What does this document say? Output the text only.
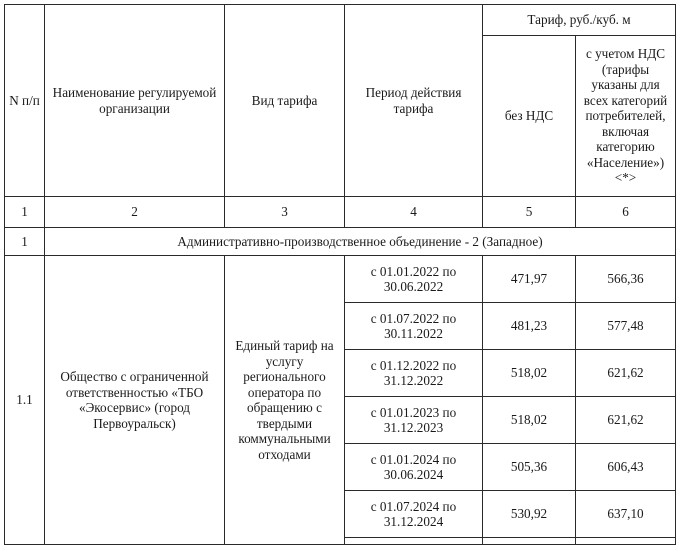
N п/п	Наименование регулируемой организации	Вид тарифа	Период действия тарифа	Тариф, руб./куб. м	
				без НДС	с учетом НДС (тарифы указаны для всех категорий потребителей, включая категорию «Население») <*>
1	2	3	4	5	6
1	Административно-производственное объединение - 2 (Западное)				
1.1	Общество с ограниченной ответственностью «ТБО «Экосервис» (город Первоуральск)	Единый тариф на услугу регионального оператора по обращению с твердыми коммунальными отходами	с 01.01.2022 по 30.06.2022	471,97	566,36
			с 01.07.2022 по 30.11.2022	481,23	577,48
			с 01.12.2022 по 31.12.2022	518,02	621,62
			с 01.01.2023 по 31.12.2023	518,02	621,62
			с 01.01.2024 по 30.06.2024	505,36	606,43
			с 01.07.2024 по 31.12.2024	530,92	637,10
